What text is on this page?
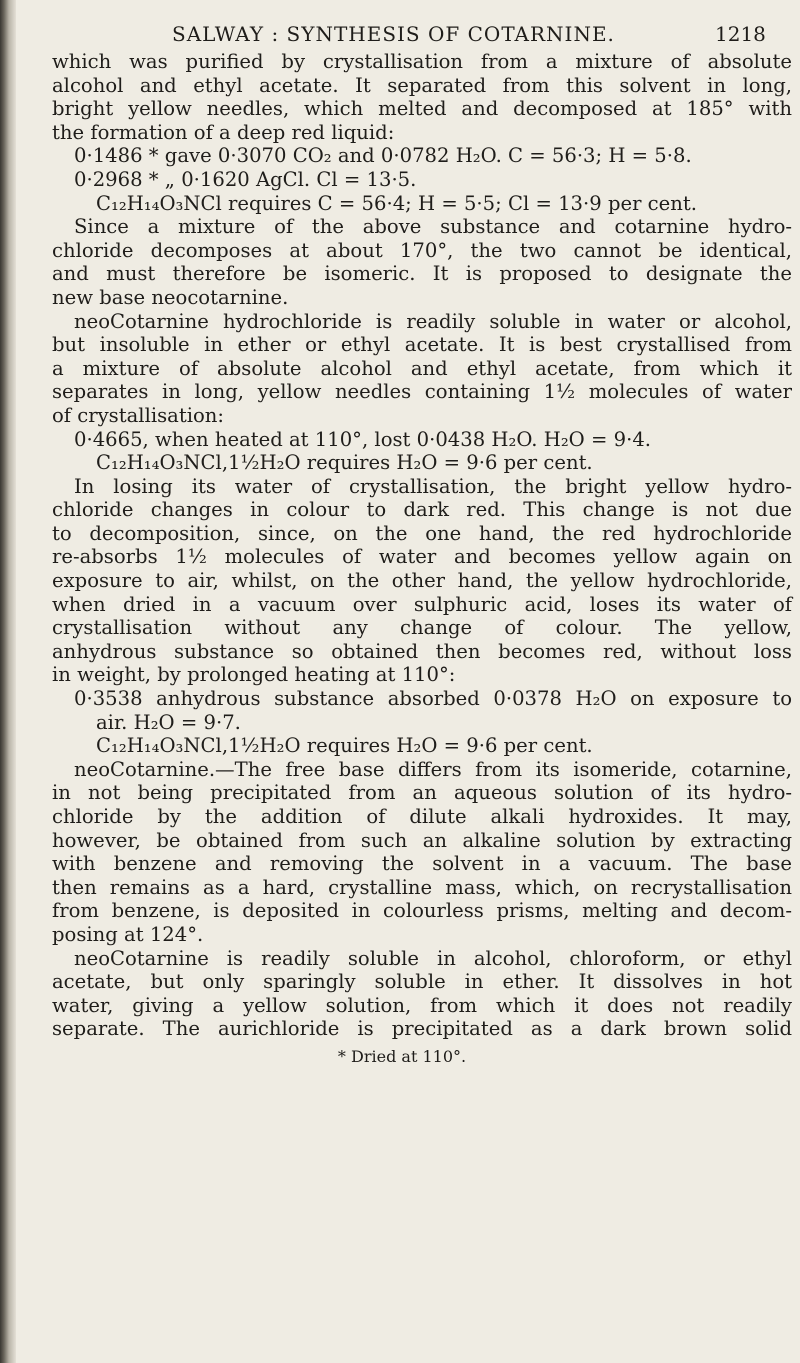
SALWAY : SYNTHESIS OF COTARNINE.	1218
which was purified by crystallisation from a mixture of absolute
alcohol and ethyl acetate. It separated from this solvent in long,
bright yellow needles, which melted and decomposed at 185° with
the formation of a deep red liquid:
0·1486 * gave 0·3070 CO₂ and 0·0782 H₂O. C = 56·3; H = 5·8.
0·2968 * „ 0·1620 AgCl. Cl = 13·5.
C₁₂H₁₄O₃NCl requires C = 56·4; H = 5·5; Cl = 13·9 per cent.
Since a mixture of the above substance and cotarnine hydro-
chloride decomposes at about 170°, the two cannot be identical,
and must therefore be isomeric. It is proposed to designate the
new base neocotarnine.
neoCotarnine hydrochloride is readily soluble in water or alcohol,
but insoluble in ether or ethyl acetate. It is best crystallised from
a mixture of absolute alcohol and ethyl acetate, from which it
separates in long, yellow needles containing 1½ molecules of water
of crystallisation:
0·4665, when heated at 110°, lost 0·0438 H₂O. H₂O = 9·4.
C₁₂H₁₄O₃NCl,1½H₂O requires H₂O = 9·6 per cent.
In losing its water of crystallisation, the bright yellow hydro-
chloride changes in colour to dark red. This change is not due
to decomposition, since, on the one hand, the red hydrochloride
re-absorbs 1½ molecules of water and becomes yellow again on
exposure to air, whilst, on the other hand, the yellow hydrochloride,
when dried in a vacuum over sulphuric acid, loses its water of
crystallisation without any change of colour. The yellow,
anhydrous substance so obtained then becomes red, without loss
in weight, by prolonged heating at 110°:
0·3538 anhydrous substance absorbed 0·0378 H₂O on exposure to
air. H₂O = 9·7.
C₁₂H₁₄O₃NCl,1½H₂O requires H₂O = 9·6 per cent.
neoCotarnine.—The free base differs from its isomeride, cotarnine,
in not being precipitated from an aqueous solution of its hydro-
chloride by the addition of dilute alkali hydroxides. It may,
however, be obtained from such an alkaline solution by extracting
with benzene and removing the solvent in a vacuum. The base
then remains as a hard, crystalline mass, which, on recrystallisation
from benzene, is deposited in colourless prisms, melting and decom-
posing at 124°.
neoCotarnine is readily soluble in alcohol, chloroform, or ethyl
acetate, but only sparingly soluble in ether. It dissolves in hot
water, giving a yellow solution, from which it does not readily
separate. The aurichloride is precipitated as a dark brown solid
* Dried at 110°.
